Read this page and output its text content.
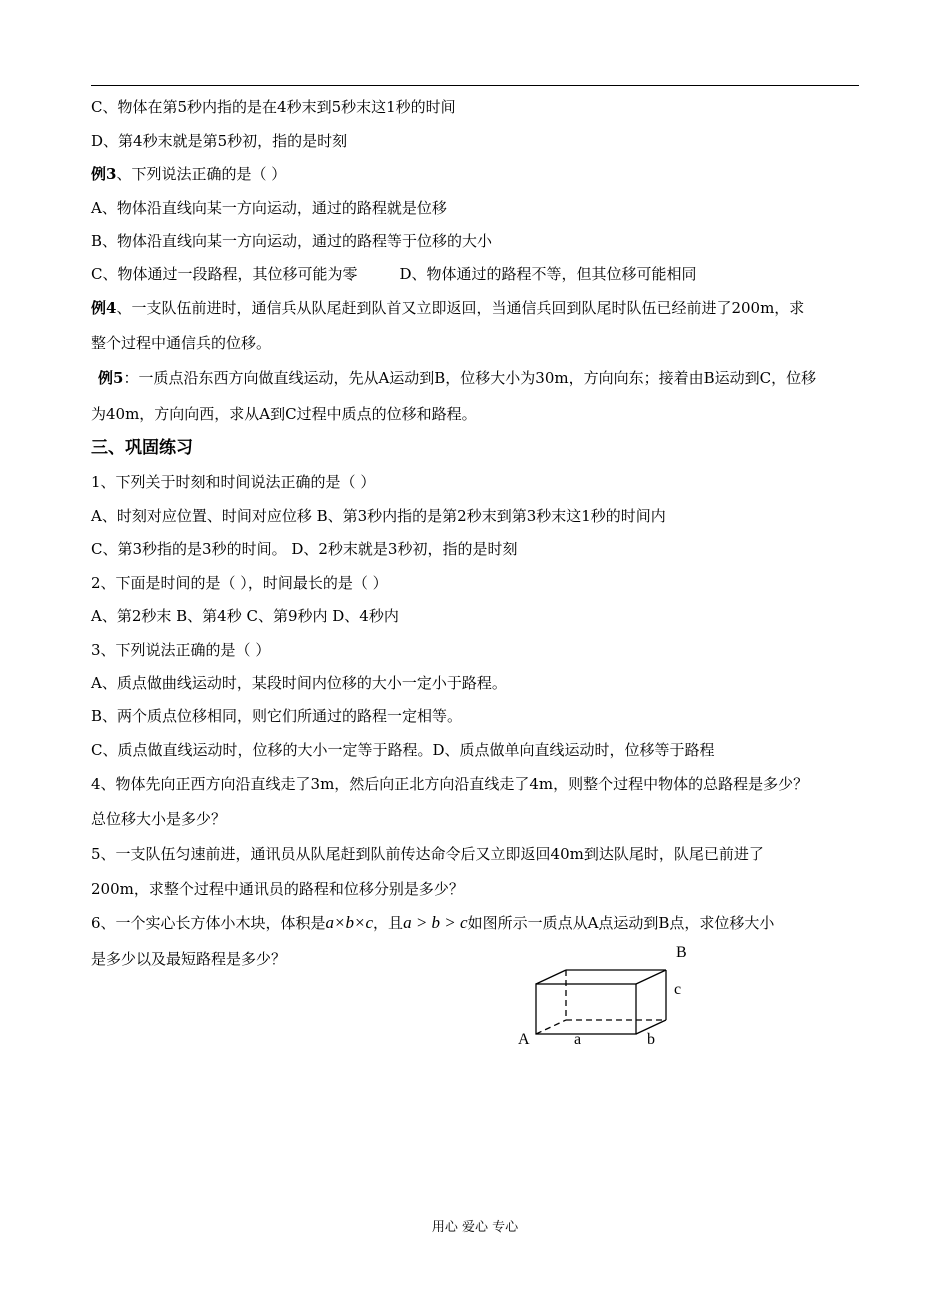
C、物体在第5秒内指的是在4秒末到5秒末这1秒的时间
D、第4秒末就是第5秒初，指的是时刻
例3、下列说法正确的是（ ）
A、物体沿直线向某一方向运动，通过的路程就是位移
B、物体沿直线向某一方向运动，通过的路程等于位移的大小
C、物体通过一段路程，其位移可能为零	D、物体通过的路程不等，但其位移可能相同
例4、一支队伍前进时，通信兵从队尾赶到队首又立即返回，当通信兵回到队尾时队伍已经前进了200m，求
整个过程中通信兵的位移。
例5：一质点沿东西方向做直线运动，先从A运动到B，位移大小为30m，方向向东；接着由B运动到C，位移
为40m，方向向西，求从A到C过程中质点的位移和路程。
三、巩固练习
1、下列关于时刻和时间说法正确的是（ ）
A、时刻对应位置、时间对应位移 B、第3秒内指的是第2秒末到第3秒末这1秒的时间内
C、第3秒指的是3秒的时间。 D、2秒末就是3秒初，指的是时刻
2、下面是时间的是（ ），时间最长的是（ ）
A、第2秒末 B、第4秒 C、第9秒内 D、4秒内
3、下列说法正确的是（ ）
A、质点做曲线运动时，某段时间内位移的大小一定小于路程。
B、两个质点位移相同，则它们所通过的路程一定相等。
C、质点做直线运动时，位移的大小一定等于路程。D、质点做单向直线运动时，位移等于路程
4、物体先向正西方向沿直线走了3m，然后向正北方向沿直线走了4m，则整个过程中物体的总路程是多少？
总位移大小是多少？
5、一支队伍匀速前进，通讯员从队尾赶到队前传达命令后又立即返回40m到达队尾时，队尾已前进了
200m，求整个过程中通讯员的路程和位移分别是多少？
6、一个实心长方体小木块，体积是a×b×c，且a > b > c如图所示一质点从A点运动到B点，求位移大小
是多少以及最短路程是多少？
A
B
a	b
c
用心 爱心 专心
